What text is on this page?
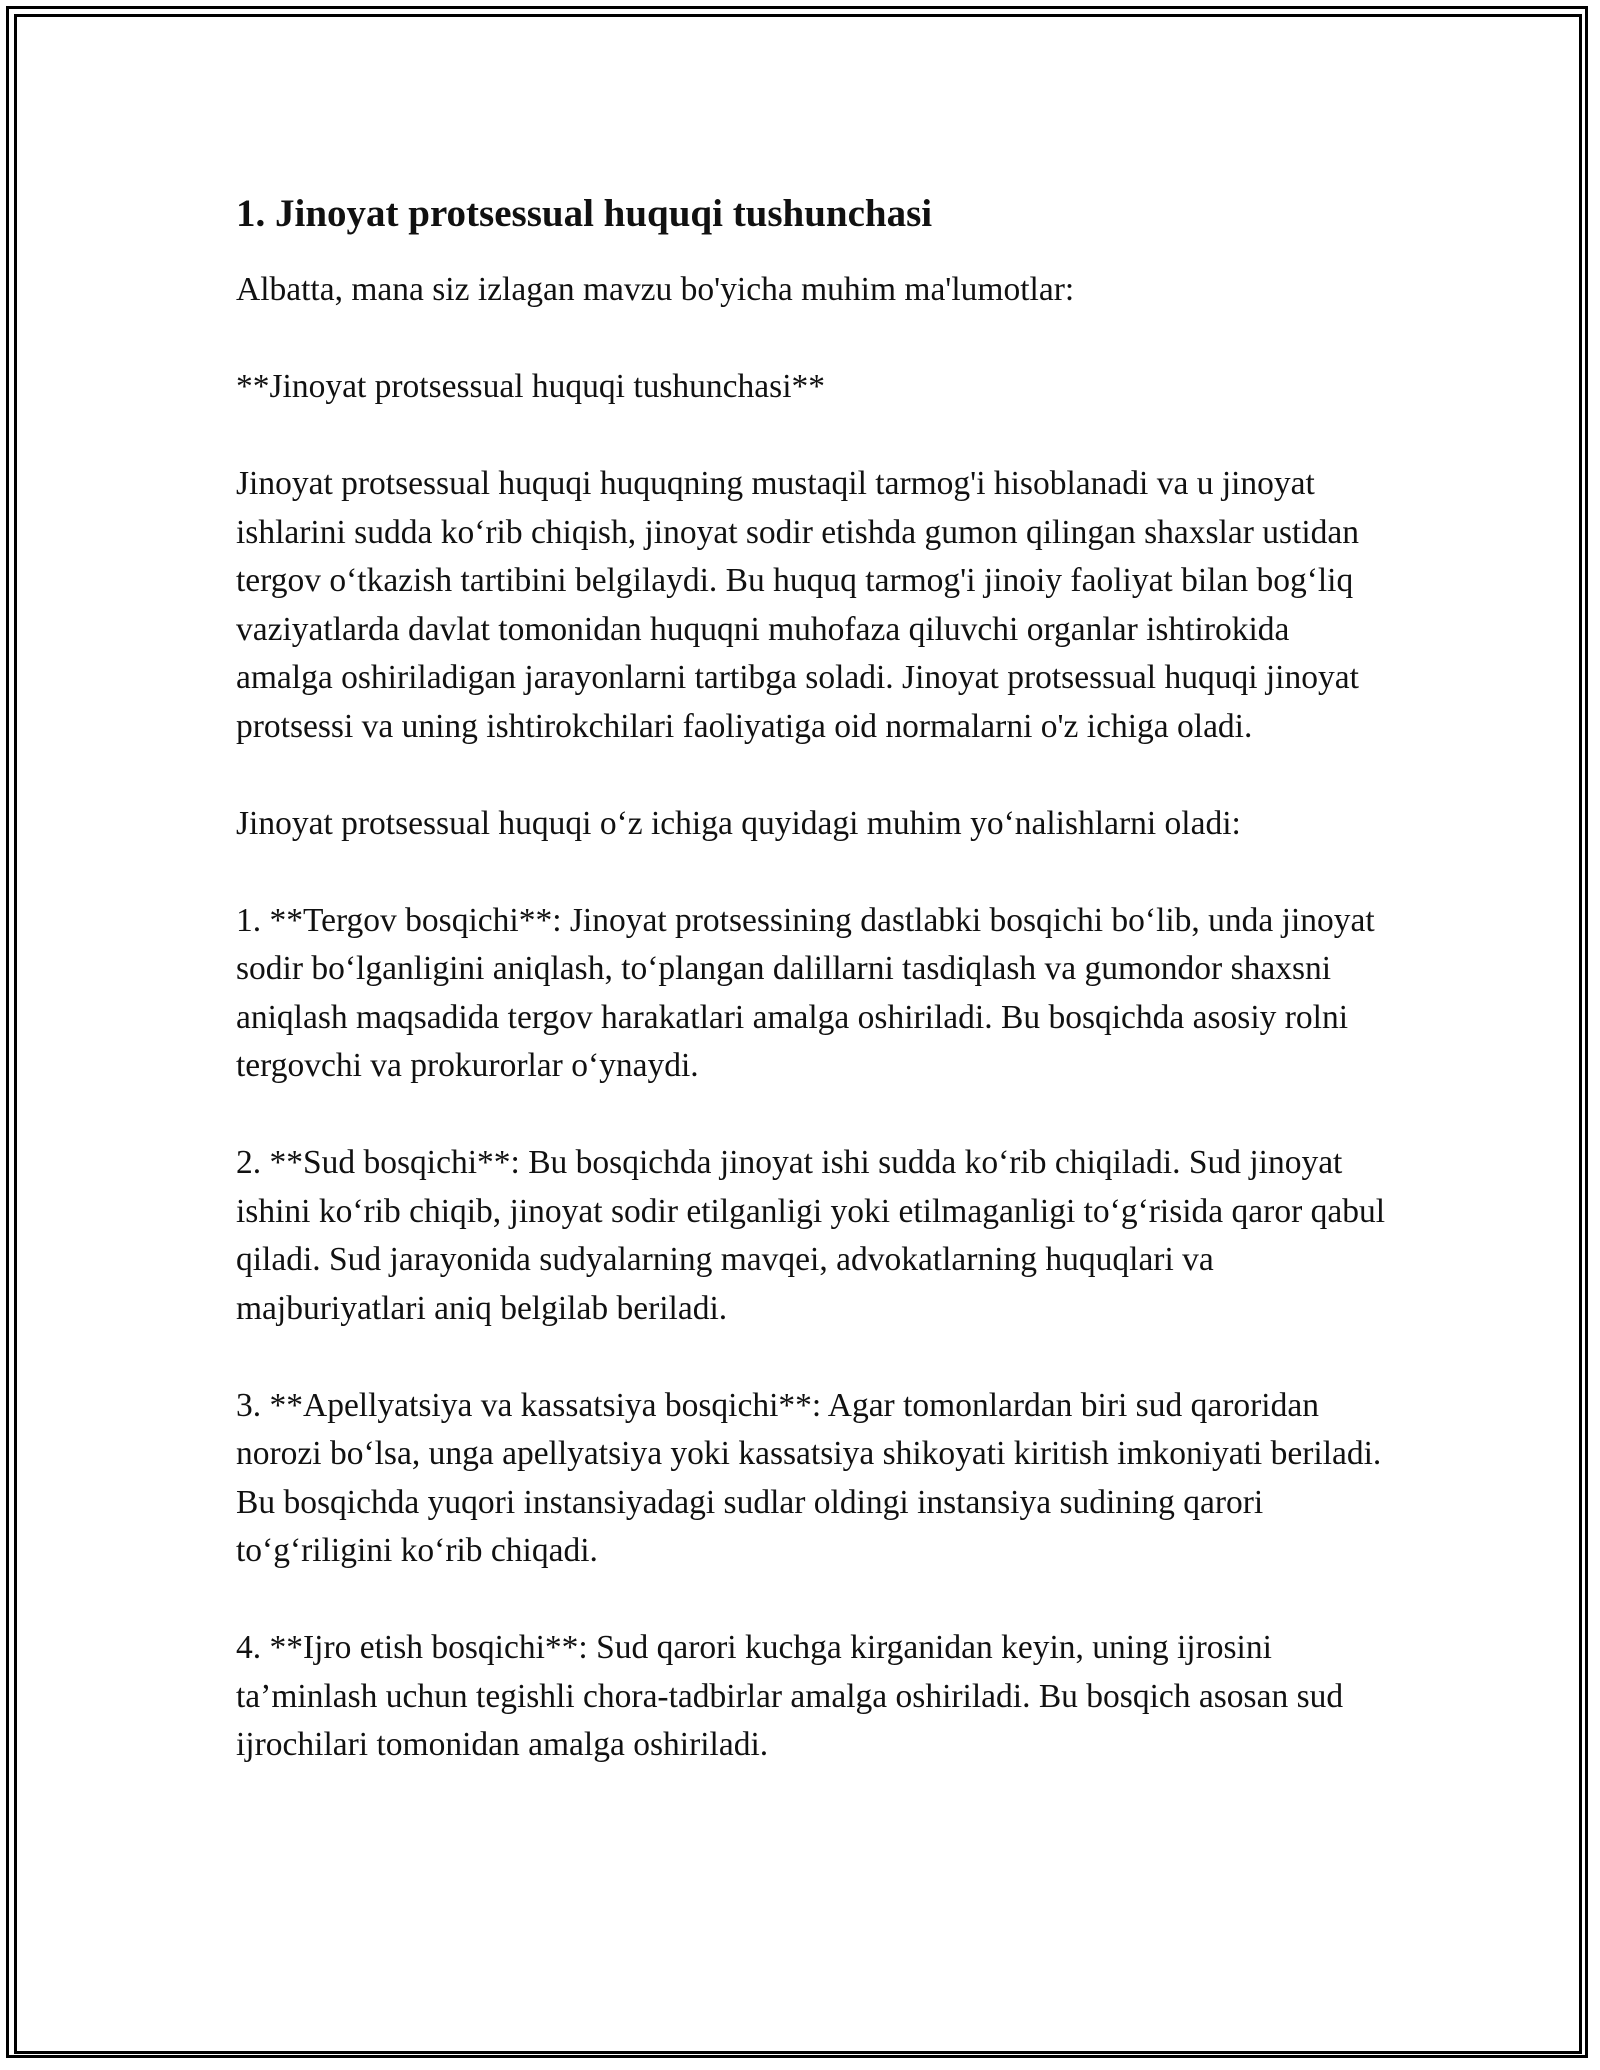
1. Jinoyat protsessual huquqi tushunchasi

Albatta, mana siz izlagan mavzu bo'yicha muhim ma'lumotlar:

**Jinoyat protsessual huquqi tushunchasi**

Jinoyat protsessual huquqi huquqning mustaqil tarmog'i hisoblanadi va u jinoyat ishlarini sudda ko‘rib chiqish, jinoyat sodir etishda gumon qilingan shaxslar ustidan tergov o‘tkazish tartibini belgilaydi. Bu huquq tarmog'i jinoiy faoliyat bilan bog‘liq vaziyatlarda davlat tomonidan huquqni muhofaza qiluvchi organlar ishtirokida amalga oshiriladigan jarayonlarni tartibga soladi. Jinoyat protsessual huquqi jinoyat protsessi va uning ishtirokchilari faoliyatiga oid normalarni o'z ichiga oladi.

Jinoyat protsessual huquqi o‘z ichiga quyidagi muhim yo‘nalishlarni oladi:

1. **Tergov bosqichi**: Jinoyat protsessining dastlabki bosqichi bo‘lib, unda jinoyat sodir bo‘lganligini aniqlash, to‘plangan dalillarni tasdiqlash va gumondor shaxsni aniqlash maqsadida tergov harakatlari amalga oshiriladi. Bu bosqichda asosiy rolni tergovchi va prokurorlar o‘ynaydi.

2. **Sud bosqichi**: Bu bosqichda jinoyat ishi sudda ko‘rib chiqiladi. Sud jinoyat ishini ko‘rib chiqib, jinoyat sodir etilganligi yoki etilmaganligi to‘g‘risida qaror qabul qiladi. Sud jarayonida sudyalarning mavqei, advokatlarning huquqlari va majburiyatlari aniq belgilab beriladi.

3. **Apellyatsiya va kassatsiya bosqichi**: Agar tomonlardan biri sud qaroridan norozi bo‘lsa, unga apellyatsiya yoki kassatsiya shikoyati kiritish imkoniyati beriladi. Bu bosqichda yuqori instansiyadagi sudlar oldingi instansiya sudining qarori to‘g‘riligini ko‘rib chiqadi.

4. **Ijro etish bosqichi**: Sud qarori kuchga kirganidan keyin, uning ijrosini ta’minlash uchun tegishli chora-tadbirlar amalga oshiriladi. Bu bosqich asosan sud ijrochilari tomonidan amalga oshiriladi.
